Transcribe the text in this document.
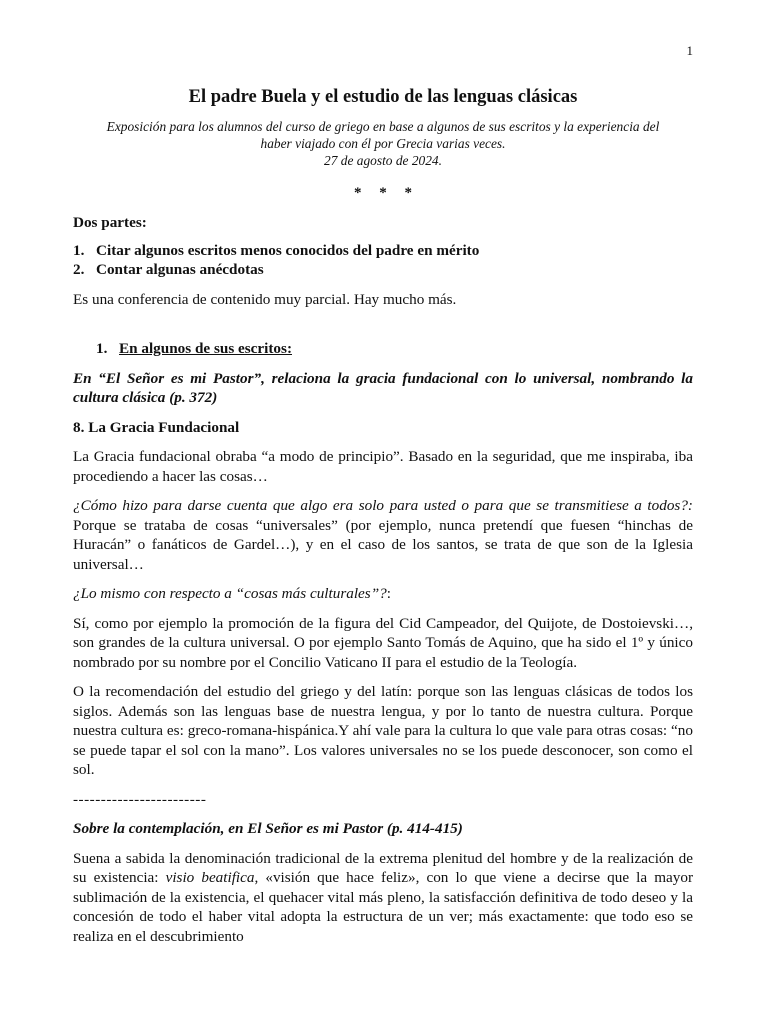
1
El padre Buela y el estudio de las lenguas clásicas
Exposición para los alumnos del curso de griego en base a algunos de sus escritos y la experiencia del
haber viajado con él por Grecia varias veces.
27 de agosto de 2024.
* * *

Dos partes:

1. Citar algunos escritos menos conocidos del padre en mérito
2. Contar algunas anécdotas

Es una conferencia de contenido muy parcial. Hay mucho más.

1. En algunos de sus escritos:

En “El Señor es mi Pastor”, relaciona la gracia fundacional con lo universal, nombrando la cultura clásica (p. 372)

8. La Gracia Fundacional

La Gracia fundacional obraba “a modo de principio”. Basado en la seguridad, que me inspiraba, iba procediendo a hacer las cosas…

¿Cómo hizo para darse cuenta que algo era solo para usted o para que se transmitiese a todos?: Porque se trataba de cosas “universales” (por ejemplo, nunca pretendí que fuesen “hinchas de Huracán” o fanáticos de Gardel…), y en el caso de los santos, se trata de que son de la Iglesia universal…

¿Lo mismo con respecto a “cosas más culturales”?:

Sí, como por ejemplo la promoción de la figura del Cid Campeador, del Quijote, de Dostoievski…, son grandes de la cultura universal. O por ejemplo Santo Tomás de Aquino, que ha sido el 1º y único nombrado por su nombre por el Concilio Vaticano II para el estudio de la Teología.

O la recomendación del estudio del griego y del latín: porque son las lenguas clásicas de todos los siglos. Además son las lenguas base de nuestra lengua, y por lo tanto de nuestra cultura. Porque nuestra cultura es: greco-romana-hispánica.Y ahí vale para la cultura lo que vale para otras cosas: “no se puede tapar el sol con la mano”. Los valores universales no se los puede desconocer, son como el sol.

------------------------

Sobre la contemplación, en El Señor es mi Pastor (p. 414-415)

Suena a sabida la denominación tradicional de la extrema plenitud del hombre y de la realización de su existencia: visio beatifica, «visión que hace feliz», con lo que viene a decirse que la mayor sublimación de la existencia, el quehacer vital más pleno, la satisfacción definitiva de todo deseo y la concesión de todo el haber vital adopta la estructura de un ver; más exactamente: que todo eso se realiza en el descubrimiento
